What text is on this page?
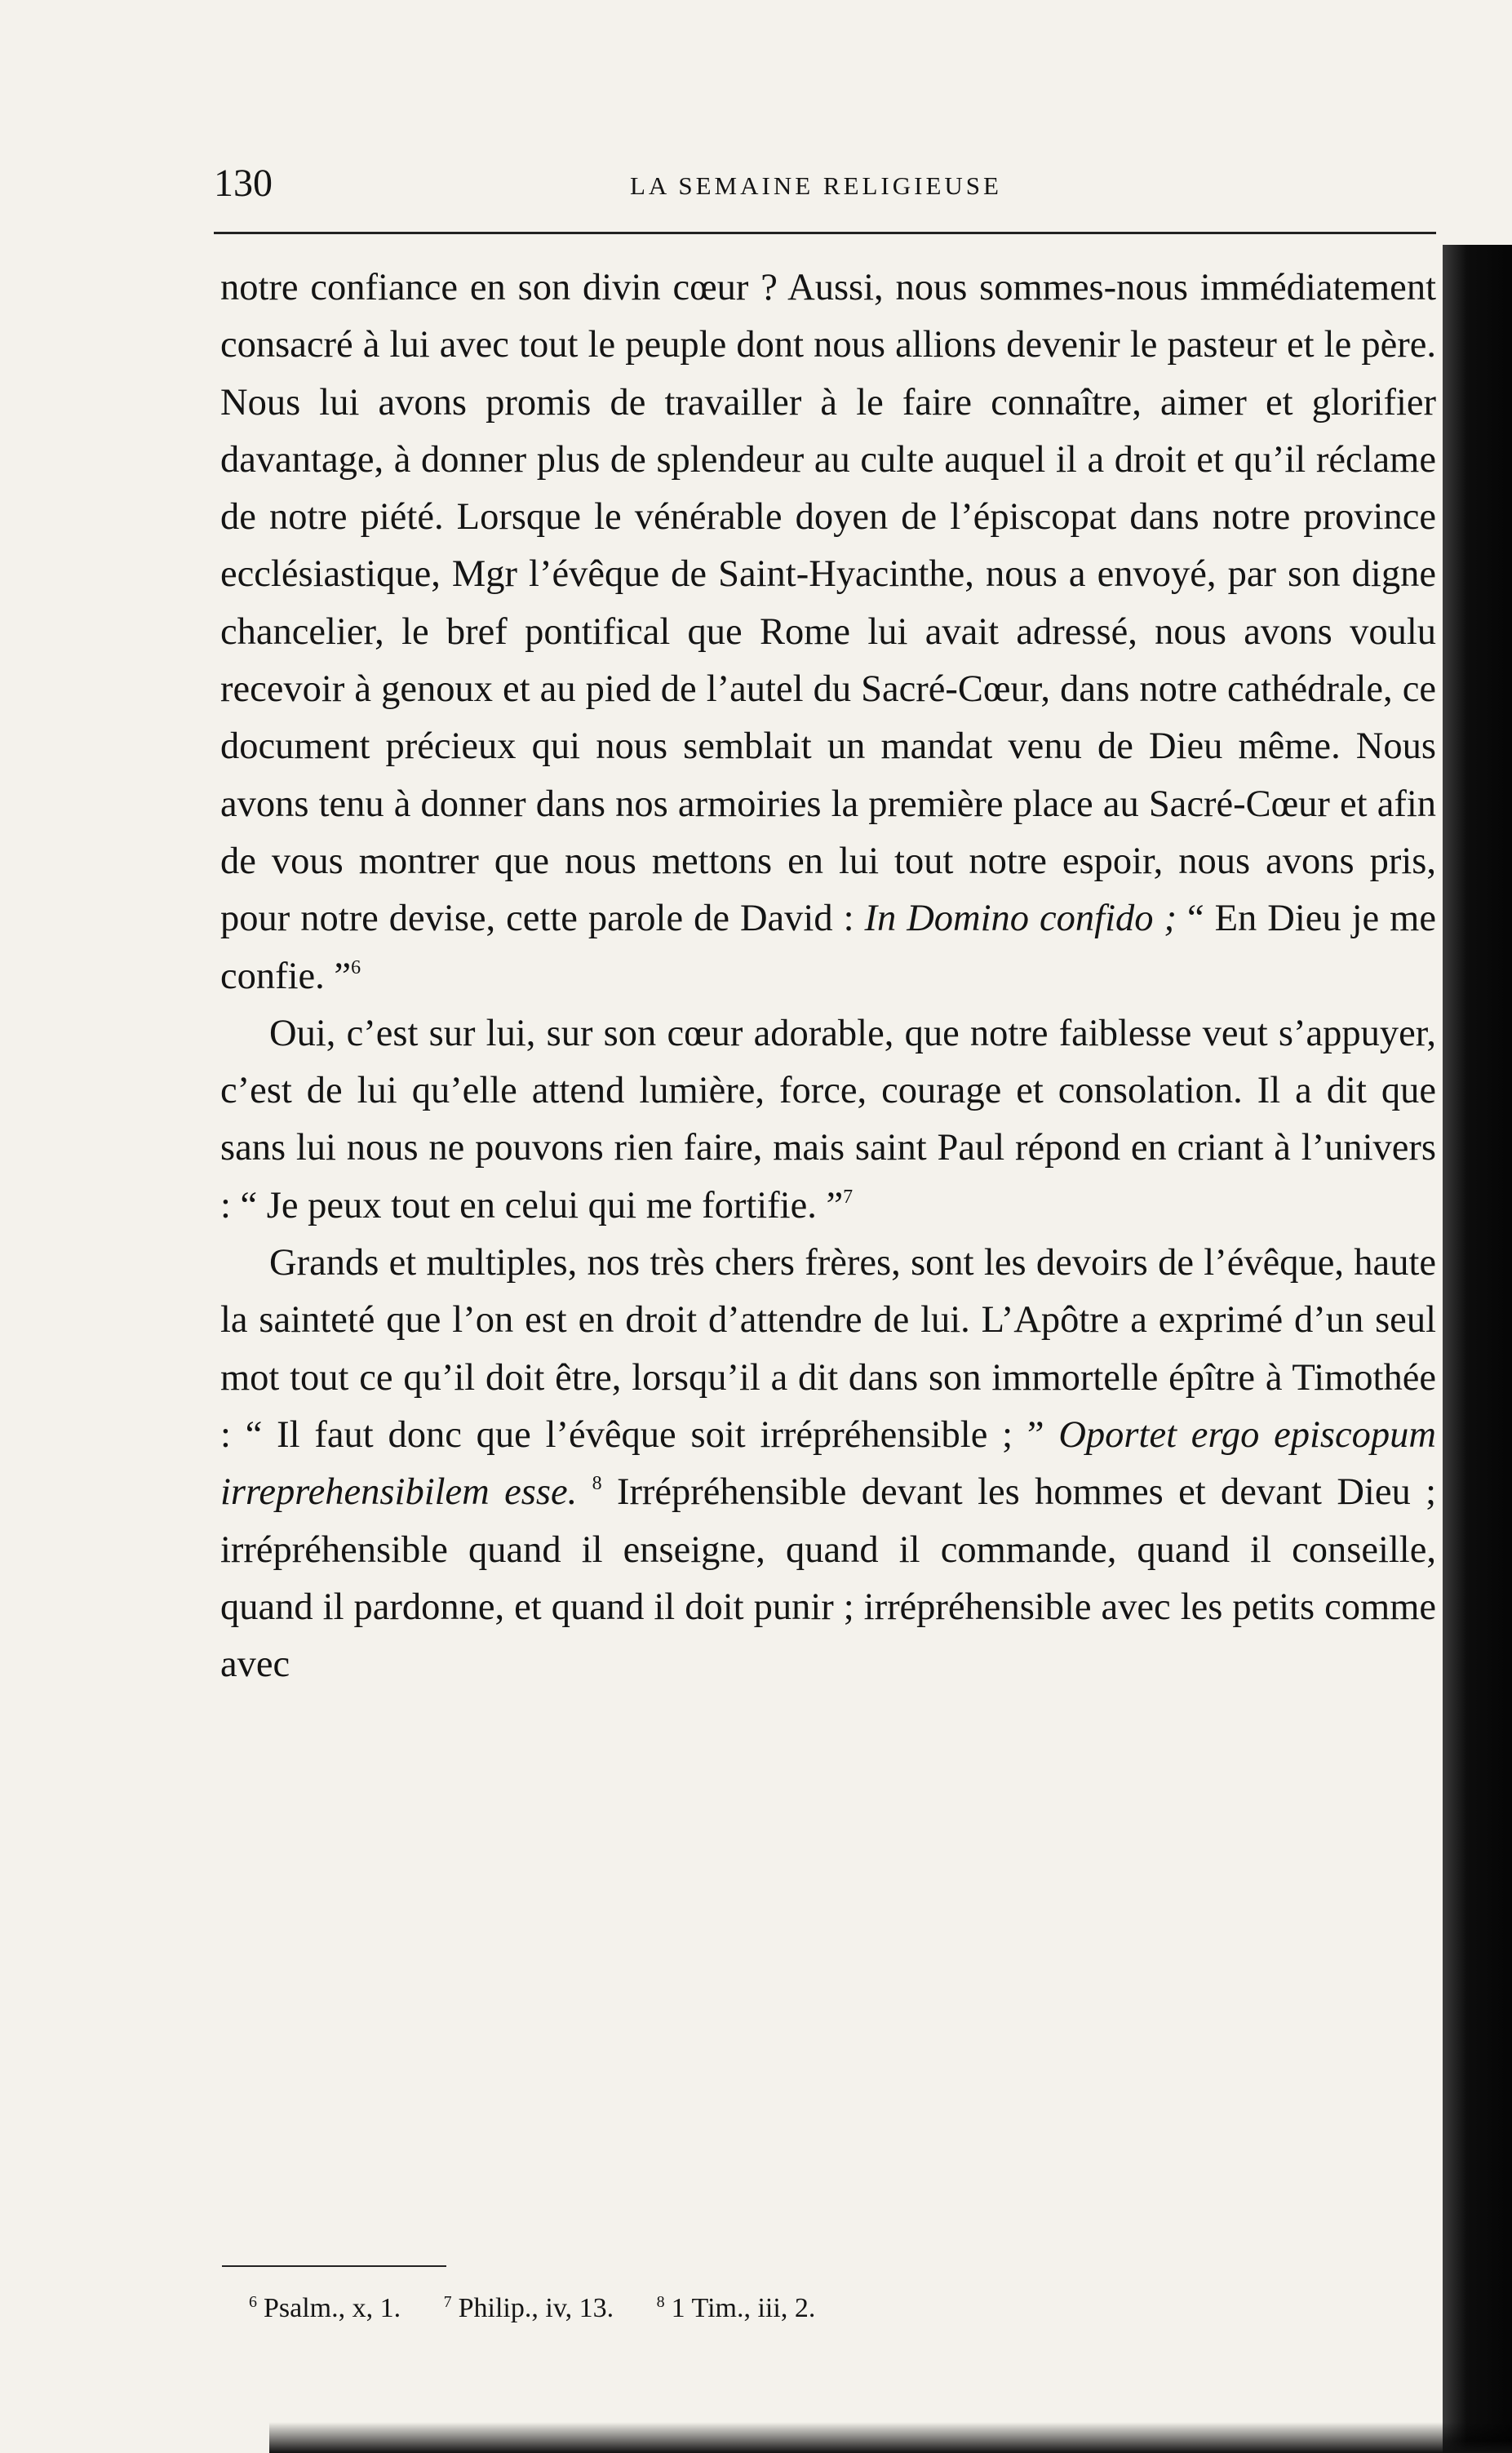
130	LA SEMAINE RELIGIEUSE

notre confiance en son divin cœur ? Aussi, nous sommes-nous immédiatement consacré à lui avec tout le peuple dont nous allions devenir le pasteur et le père. Nous lui avons promis de travailler à le faire connaître, aimer et glorifier davantage, à donner plus de splendeur au culte auquel il a droit et qu’il réclame de notre piété. Lorsque le vénérable doyen de l’épiscopat dans notre province ecclésiastique, Mgr l’évêque de Saint-Hyacinthe, nous a envoyé, par son digne chancelier, le bref pontifical que Rome lui avait adressé, nous avons voulu recevoir à genoux et au pied de l’autel du Sacré-Cœur, dans notre cathédrale, ce document précieux qui nous semblait un mandat venu de Dieu même. Nous avons tenu à donner dans nos armoiries la première place au Sacré-Cœur et afin de vous montrer que nous mettons en lui tout notre espoir, nous avons pris, pour notre devise, cette parole de David : In Domino confido ; “ En Dieu je me confie. ”$^6$

Oui, c’est sur lui, sur son cœur adorable, que notre faiblesse veut s’appuyer, c’est de lui qu’elle attend lumière, force, courage et consolation. Il a dit que sans lui nous ne pouvons rien faire, mais saint Paul répond en criant à l’univers : “ Je peux tout en celui qui me fortifie. ”$^7$

Grands et multiples, nos très chers frères, sont les devoirs de l’évêque, haute la sainteté que l’on est en droit d’attendre de lui. L’Apôtre a exprimé d’un seul mot tout ce qu’il doit être, lorsqu’il a dit dans son immortelle épître à Timothée : “ Il faut donc que l’évêque soit irrépréhensible ; ” Oportet ergo episcopum irreprehensibilem esse. $^8$ Irrépréhensible devant les hommes et devant Dieu ; irrépréhensible quand il enseigne, quand il commande, quand il conseille, quand il pardonne, et quand il doit punir ; irrépréhensible avec les petits comme avec

$^6$ Psalm., x, 1.	$^7$ Philip., iv, 13.	$^8$ 1 Tim., iii, 2.
